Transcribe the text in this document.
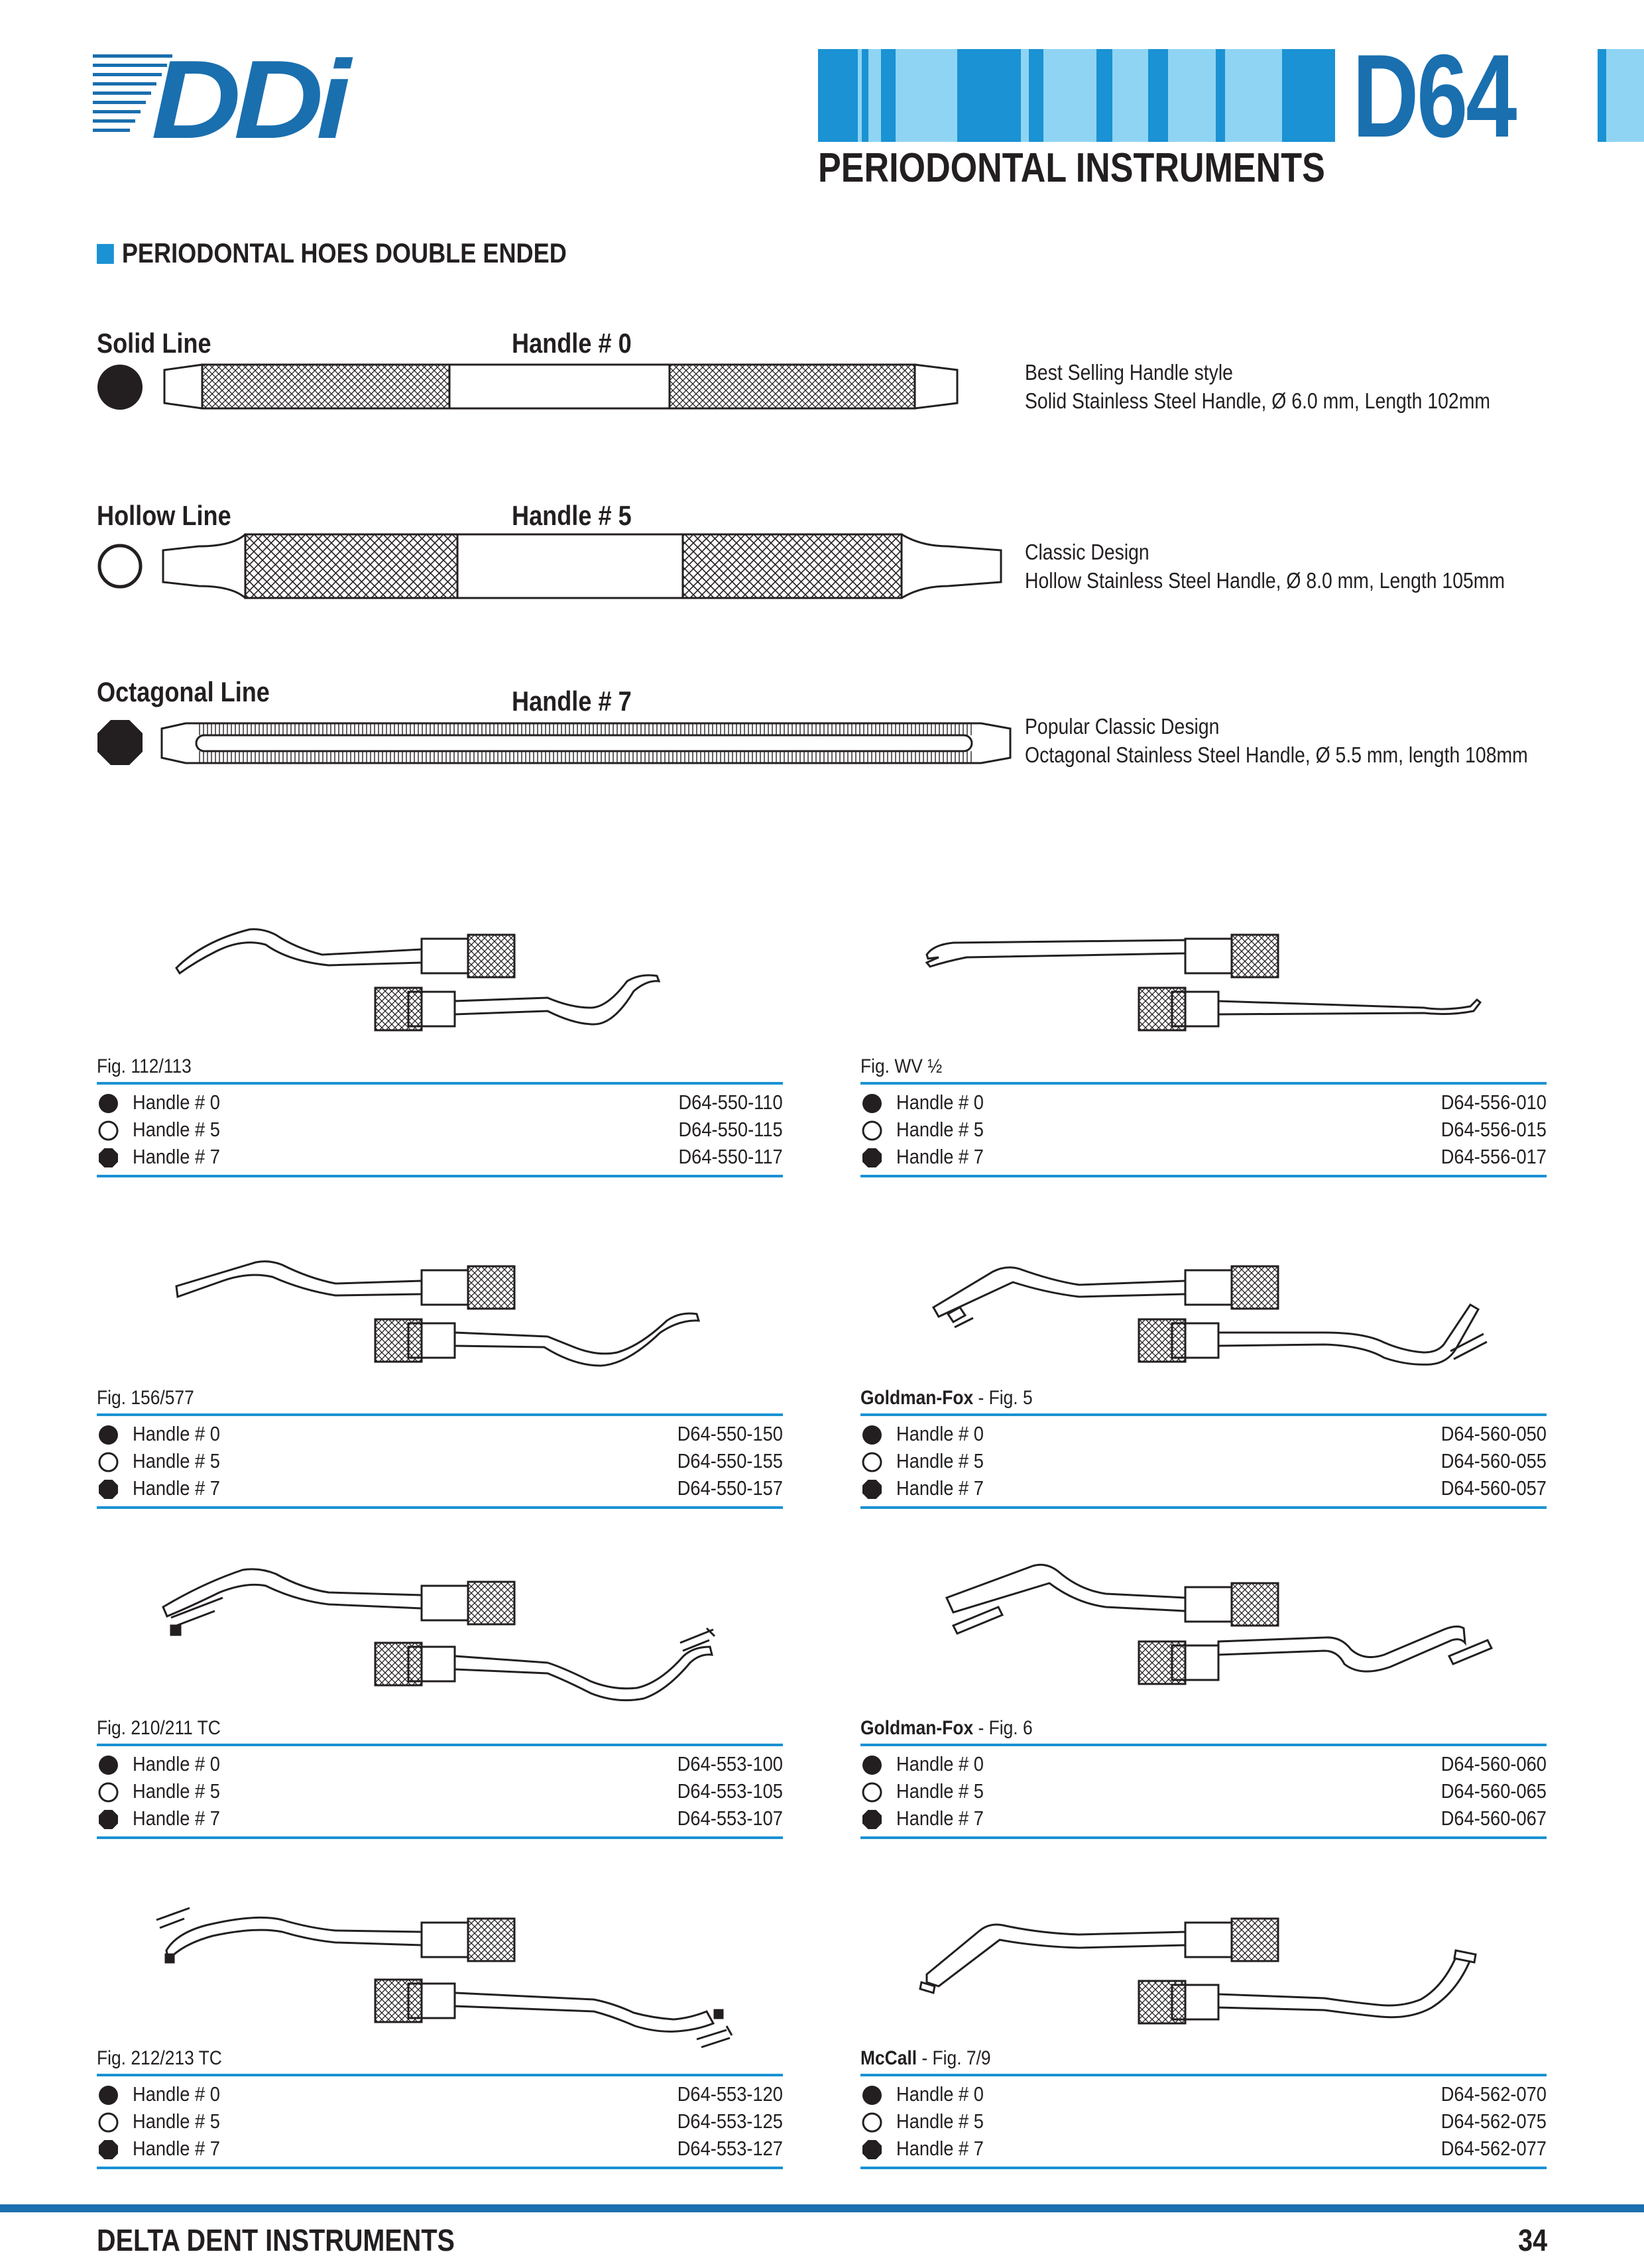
DDi	D64
PERIODONTAL INSTRUMENTS
PERIODONTAL HOES DOUBLE ENDED
Solid Line	Handle # 0
Best Selling Handle style
Solid Stainless Steel Handle, Ø 6.0 mm, Length 102mm
Hollow Line	Handle # 5
Classic Design
Hollow Stainless Steel Handle, Ø 8.0 mm, Length 105mm
Octagonal Line	Handle # 7
Popular Classic Design
Octagonal Stainless Steel Handle, Ø 5.5 mm, length 108mm
Fig. 112/113
Handle # 0	D64-550-110
Handle # 5	D64-550-115
Handle # 7	D64-550-117
Fig. WV ½
Handle # 0	D64-556-010
Handle # 5	D64-556-015
Handle # 7	D64-556-017
Fig. 156/577
Handle # 0	D64-550-150
Handle # 5	D64-550-155
Handle # 7	D64-550-157
Goldman-Fox - Fig. 5
Handle # 0	D64-560-050
Handle # 5	D64-560-055
Handle # 7	D64-560-057
Fig. 210/211 TC
Handle # 0	D64-553-100
Handle # 5	D64-553-105
Handle # 7	D64-553-107
Goldman-Fox - Fig. 6
Handle # 0	D64-560-060
Handle # 5	D64-560-065
Handle # 7	D64-560-067
Fig. 212/213 TC
Handle # 0	D64-553-120
Handle # 5	D64-553-125
Handle # 7	D64-553-127
McCall - Fig. 7/9
Handle # 0	D64-562-070
Handle # 5	D64-562-075
Handle # 7	D64-562-077
DELTA DENT INSTRUMENTS	34
